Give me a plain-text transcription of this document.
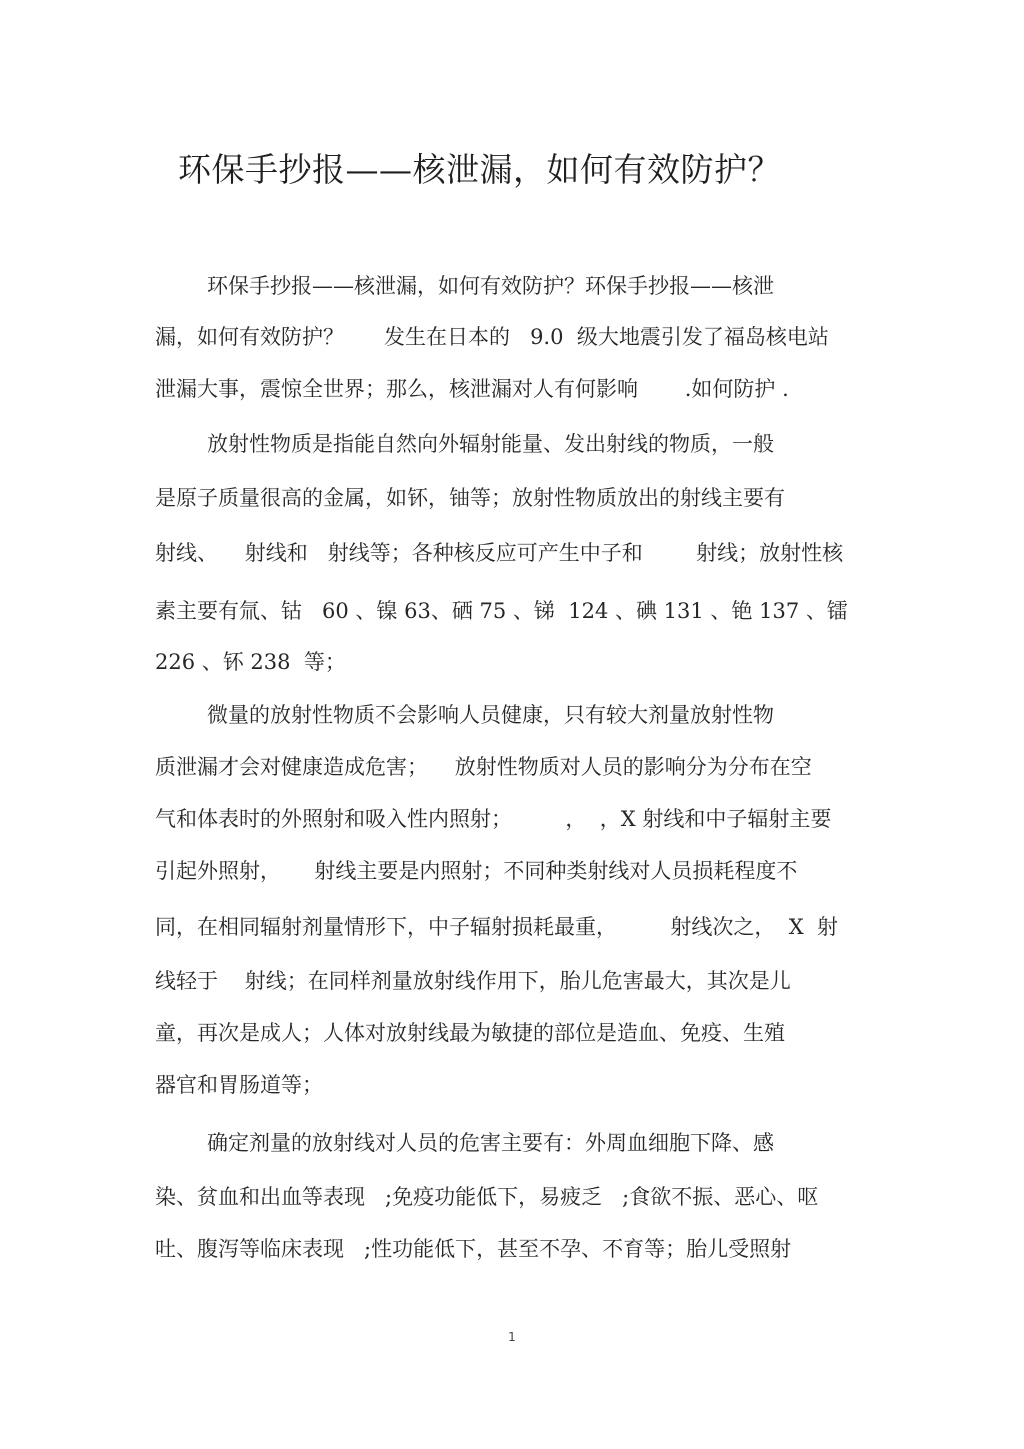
环保手抄报——核泄漏，如何有效防护？
环保手抄报——核泄漏，如何有效防护？环保手抄报——核泄
漏，如何有效防护？      发生在日本的   9.0  级大地震引发了福岛核电站
泄漏大事，震惊全世界；那么，核泄漏对人有何影响       .如何防护 .
放射性物质是指能自然向外辐射能量、发出射线的物质，一般
是原子质量很高的金属，如钚，铀等；放射性物质放出的射线主要有
射线、    射线和   射线等；各种核反应可产生中子和        射线；放射性核
素主要有氚、钴   60 、镍 63、硒 75 、锑  124 、碘 131 、铯 137 、镭
226 、钚 238  等；
微量的放射性物质不会影响人员健康，只有较大剂量放射性物
质泄漏才会对健康造成危害；    放射性物质对人员的影响分为分布在空
气和体表时的外照射和吸入性内照射；        ，  ，X 射线和中子辐射主要
引起外照射，     射线主要是内照射；不同种类射线对人员损耗程度不
同，在相同辐射剂量情形下，中子辐射损耗最重，        射线次之，  X  射
线轻于    射线；在同样剂量放射线作用下，胎儿危害最大，其次是儿
童，再次是成人；人体对放射线最为敏捷的部位是造血、免疫、生殖
器官和胃肠道等；
确定剂量的放射线对人员的危害主要有：外周血细胞下降、感
染、贫血和出血等表现   ;免疫功能低下，易疲乏   ;食欲不振、恶心、呕
吐、腹泻等临床表现   ;性功能低下，甚至不孕、不育等；胎儿受照射
1
